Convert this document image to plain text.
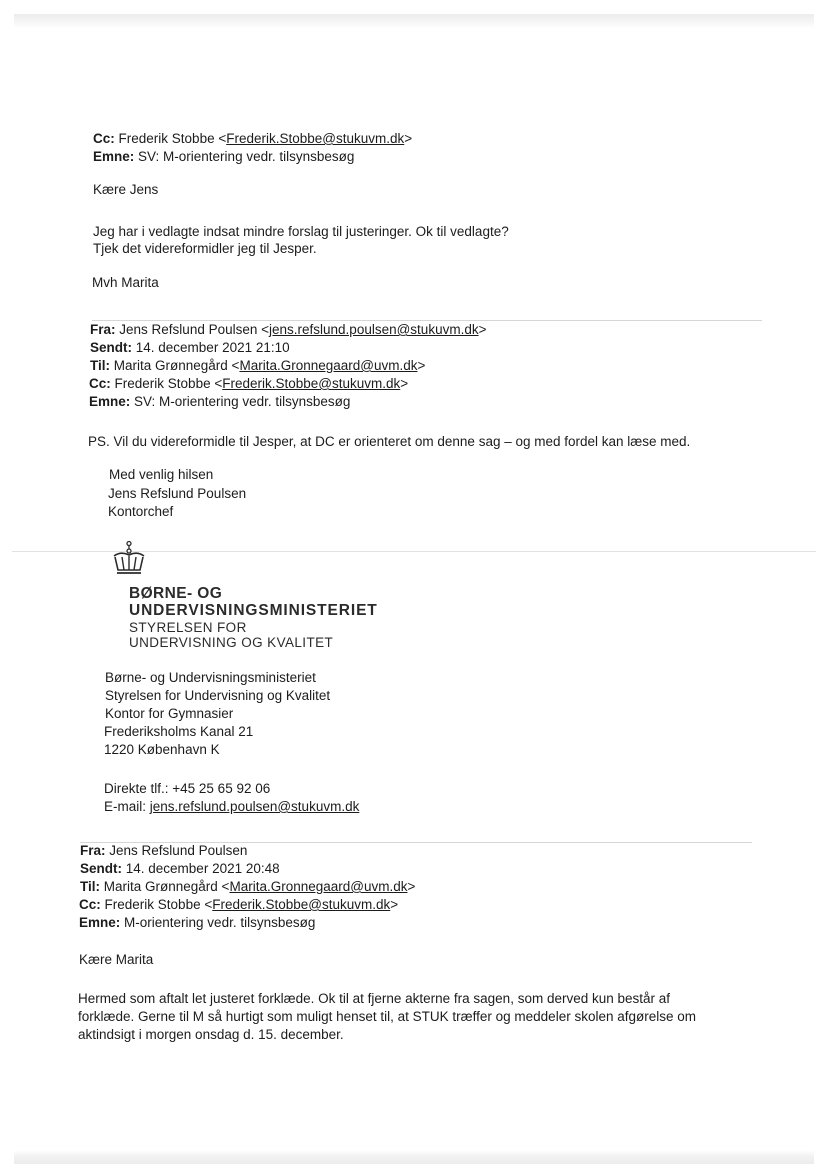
Cc: Frederik Stobbe <Frederik.Stobbe@stukuvm.dk>
Emne: SV: M-orientering vedr. tilsynsbesøg
Kære Jens
Jeg har i vedlagte indsat mindre forslag til justeringer. Ok til vedlagte?
Tjek det videreformidler jeg til Jesper.
Mvh Marita
Fra: Jens Refslund Poulsen <jens.refslund.poulsen@stukuvm.dk>
Sendt: 14. december 2021 21:10
Til: Marita Grønnegård <Marita.Gronnegaard@uvm.dk>
Cc: Frederik Stobbe <Frederik.Stobbe@stukuvm.dk>
Emne: SV: M-orientering vedr. tilsynsbesøg
PS. Vil du videreformidle til Jesper, at DC er orienteret om denne sag – og med fordel kan læse med.
Med venlig hilsen
Jens Refslund Poulsen
Kontorchef
BØRNE- OG
UNDERVISNINGSMINISTERIET
STYRELSEN FOR
UNDERVISNING OG KVALITET
Børne- og Undervisningsministeriet
Styrelsen for Undervisning og Kvalitet
Kontor for Gymnasier
Frederiksholms Kanal 21
1220 København K
Direkte tlf.: +45 25 65 92 06
E-mail: jens.refslund.poulsen@stukuvm.dk
Fra: Jens Refslund Poulsen
Sendt: 14. december 2021 20:48
Til: Marita Grønnegård <Marita.Gronnegaard@uvm.dk>
Cc: Frederik Stobbe <Frederik.Stobbe@stukuvm.dk>
Emne: M-orientering vedr. tilsynsbesøg
Kære Marita
Hermed som aftalt let justeret forklæde. Ok til at fjerne akterne fra sagen, som derved kun består af
forklæde. Gerne til M så hurtigt som muligt henset til, at STUK træffer og meddeler skolen afgørelse om
aktindsigt i morgen onsdag d. 15. december.
